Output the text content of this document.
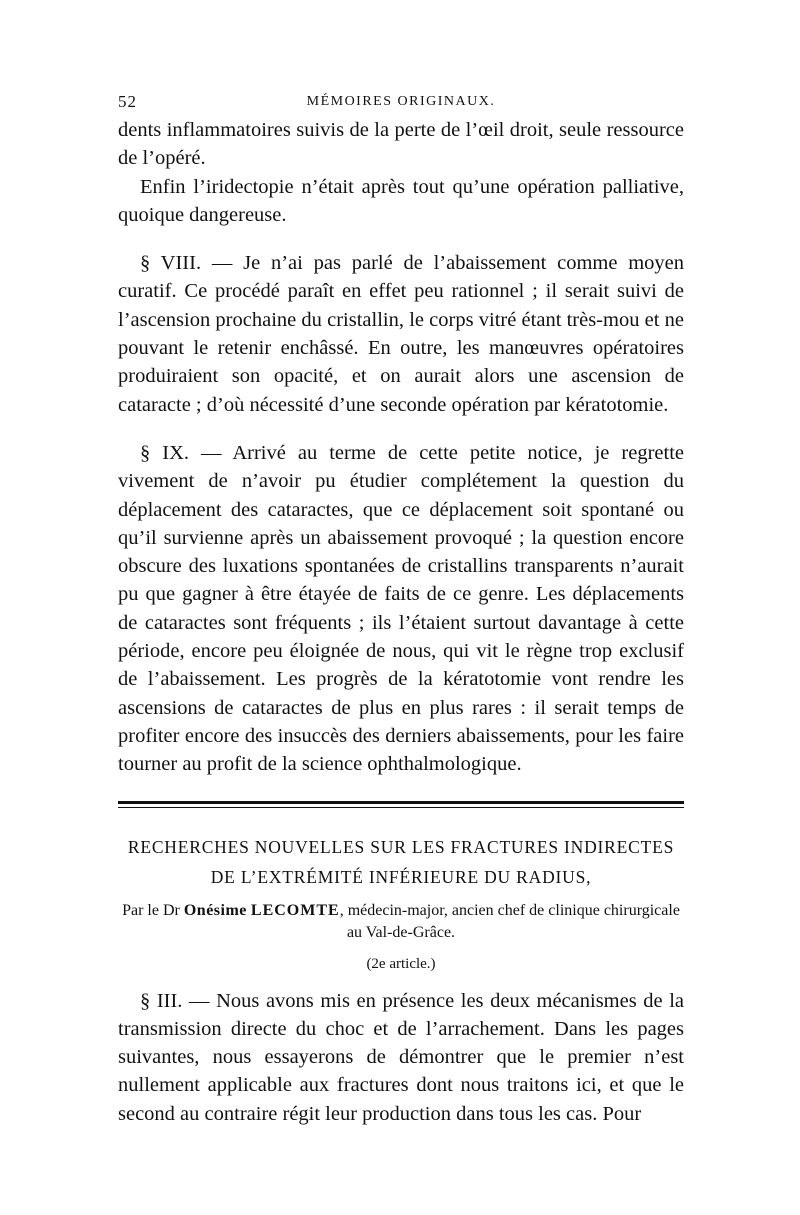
52	MÉMOIRES ORIGINAUX.

dents inflammatoires suivis de la perte de l’œil droit, seule ressource de l’opéré.

Enfin l’iridectopie n’était après tout qu’une opération palliative, quoique dangereuse.

§ VIII. — Je n’ai pas parlé de l’abaissement comme moyen curatif. Ce procédé paraît en effet peu rationnel ; il serait suivi de l’ascension prochaine du cristallin, le corps vitré étant très-mou et ne pouvant le retenir enchâssé. En outre, les manœuvres opératoires produiraient son opacité, et on aurait alors une ascension de cataracte ; d’où nécessité d’une seconde opération par kératotomie.

§ IX. — Arrivé au terme de cette petite notice, je regrette vivement de n’avoir pu étudier complétement la question du déplacement des cataractes, que ce déplacement soit spontané ou qu’il survienne après un abaissement provoqué ; la question encore obscure des luxations spontanées de cristallins transparents n’aurait pu que gagner à être étayée de faits de ce genre. Les déplacements de cataractes sont fréquents ; ils l’étaient surtout davantage à cette période, encore peu éloignée de nous, qui vit le règne trop exclusif de l’abaissement. Les progrès de la kératotomie vont rendre les ascensions de cataractes de plus en plus rares : il serait temps de profiter encore des insuccès des derniers abaissements, pour les faire tourner au profit de la science ophthalmologique.

RECHERCHES NOUVELLES SUR LES FRACTURES INDIRECTES
DE L’EXTRÉMITÉ INFÉRIEURE DU RADIUS,
Par le Dr Onésime LECOMTE, médecin-major, ancien chef de clinique chirurgicale au Val-de-Grâce.
(2e article.)

§ III. — Nous avons mis en présence les deux mécanismes de la transmission directe du choc et de l’arrachement. Dans les pages suivantes, nous essayerons de démontrer que le premier n’est nullement applicable aux fractures dont nous traitons ici, et que le second au contraire régit leur production dans tous les cas. Pour
